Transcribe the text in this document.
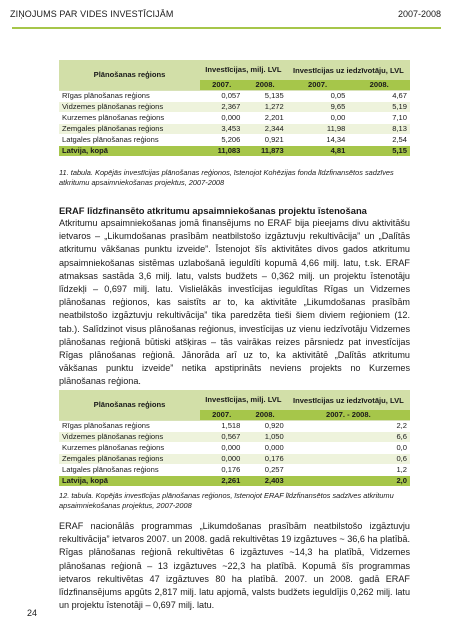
ZIŅOJUMS PAR VIDES INVESTĪCIJĀM	2007-2008
Plānošanas reģions	Investīcijas, milj. LVL		Investīcijas uz iedzīvotāju, LVL	
	2007.	2008.	2007.	2008.
Rīgas plānošanas reģions	0,057	5,135	0,05	4,67
Vidzemes plānošanas reģions	2,367	1,272	9,65	5,19
Kurzemes plānošanas reģions	0,000	2,201	0,00	7,10
Zemgales plānošanas reģions	3,453	2,344	11,98	8,13
Latgales plānošanas reģions	5,206	0,921	14,34	2,54
Latvija, kopā	11,083	11,873	4,81	5,15
11. tabula. Kopējās investīcijas plānošanas reģionos, īstenojot Kohēzijas fonda līdzfinansētos sadzīves atkritumu apsaimniekošanas projektus, 2007-2008
ERAF līdzfinansēto atkritumu apsaimniekošanas projektu īstenošana
Atkritumu apsaimniekošanas jomā finansējums no ERAF bija pieejams divu aktivitāšu ietvaros – „Likumdošanas prasībām neatbilstošo izgāztuvju rekultivācija” un „Dalītās atkritumu vākšanas punktu izveide”. Īstenojot šīs aktivitātes divos gados atkritumu apsaimniekošanas sistēmas uzlabošanā ieguldīti kopumā 4,66 milj. latu, t.sk. ERAF atmaksas sastāda 3,6 milj. latu, valsts budžets – 0,362 milj. un projektu īstenotāju līdzekļi – 0,697 milj. latu. Vislielākās investīcijas ieguldītas Rīgas un Vidzemes plānošanas reģionos, kas saistīts ar to, ka aktivitāte „Likumdošanas prasībām neatbilstošo izgāztuvju rekultivācija” tika paredzēta tieši šiem diviem reģioniem (12. tab.). Salīdzinot visus plānošanas reģionus, investīcijas uz vienu iedzīvotāju Vidzemes plānošanas reģionā būtiski atšķiras – tās vairākas reizes pārsniedz pat investīcijas Rīgas plānošanas reģionā. Jānorāda arī uz to, ka aktivitātē „Dalītās atkritumu vākšanas punktu izveide” netika apstiprināts neviens projekts no Kurzemes plānošanas reģiona.
Plānošanas reģions	Investīcijas, milj. LVL		Investīcijas uz iedzīvotāju, LVL
	2007.	2008.	2007. - 2008.
Rīgas plānošanas reģions	1,518	0,920	2,2
Vidzemes plānošanas reģions	0,567	1,050	6,6
Kurzemes plānošanas reģions	0,000	0,000	0,0
Zemgales plānošanas reģions	0,000	0,176	0,6
Latgales plānošanas reģions	0,176	0,257	1,2
Latvija, kopā	2,261	2,403	2,0
12. tabula. Kopējās investīcijas plānošanas reģionos, īstenojot ERAF līdzfinansētos sadzīves atkritumu apsaimniekošanas projektus, 2007-2008
ERAF nacionālās programmas „Likumdošanas prasībām neatbilstošo izgāztuvju rekultivācija” ietvaros 2007. un 2008. gadā rekultivētas 19 izgāztuves ~ 36,6 ha platībā. Rīgas plānošanas reģionā rekultivētas 6 izgāztuves ~14,3 ha platībā, Vidzemes plānošanas reģionā – 13 izgāztuves ~22,3 ha platībā. Kopumā šīs programmas ietvaros rekultivētas 47 izgāztuves 80 ha platībā. 2007. un 2008. gadā ERAF līdzfinansējums apgūts 2,817 milj. latu apjomā, valsts budžets ieguldījis 0,262 milj. latu un projektu īstenotāji – 0,697 milj. latu.
24
